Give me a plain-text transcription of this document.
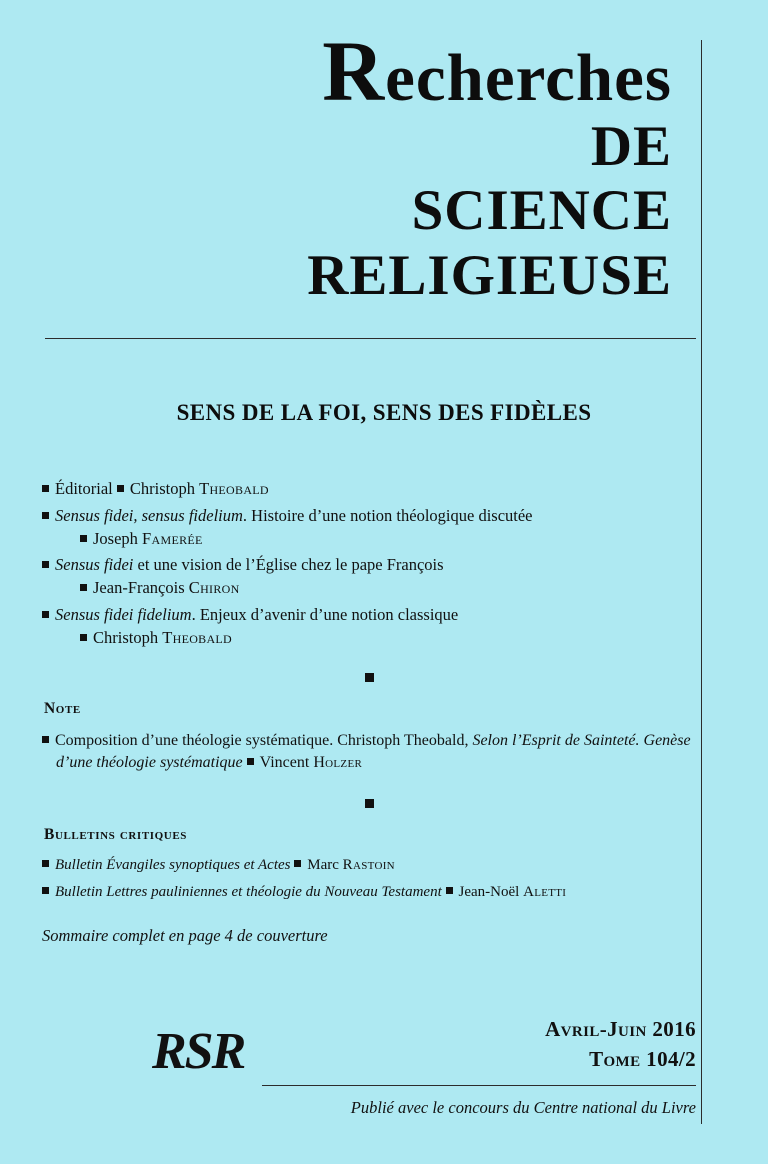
Recherches
DE
SCIENCE
RELIGIEUSE
SENS DE LA FOI, SENS DES FIDÈLES
Éditorial Christoph Theobald
Sensus fidei, sensus fidelium. Histoire d’une notion théologique discutée
Joseph Famerée
Sensus fidei et une vision de l’Église chez le pape François
Jean-François Chiron
Sensus fidei fidelium. Enjeux d’avenir d’une notion classique
Christoph Theobald
Note
Composition d’une théologie systématique. Christoph Theobald, Selon l’Esprit de Sainteté. Genèse d’une théologie systématique Vincent Holzer
Bulletins critiques
Bulletin Évangiles synoptiques et Actes Marc Rastoin
Bulletin Lettres pauliniennes et théologie du Nouveau Testament Jean-Noël Aletti
Sommaire complet en page 4 de couverture
RSR	Avril-Juin 2016
Tome 104/2
Publié avec le concours du Centre national du Livre
